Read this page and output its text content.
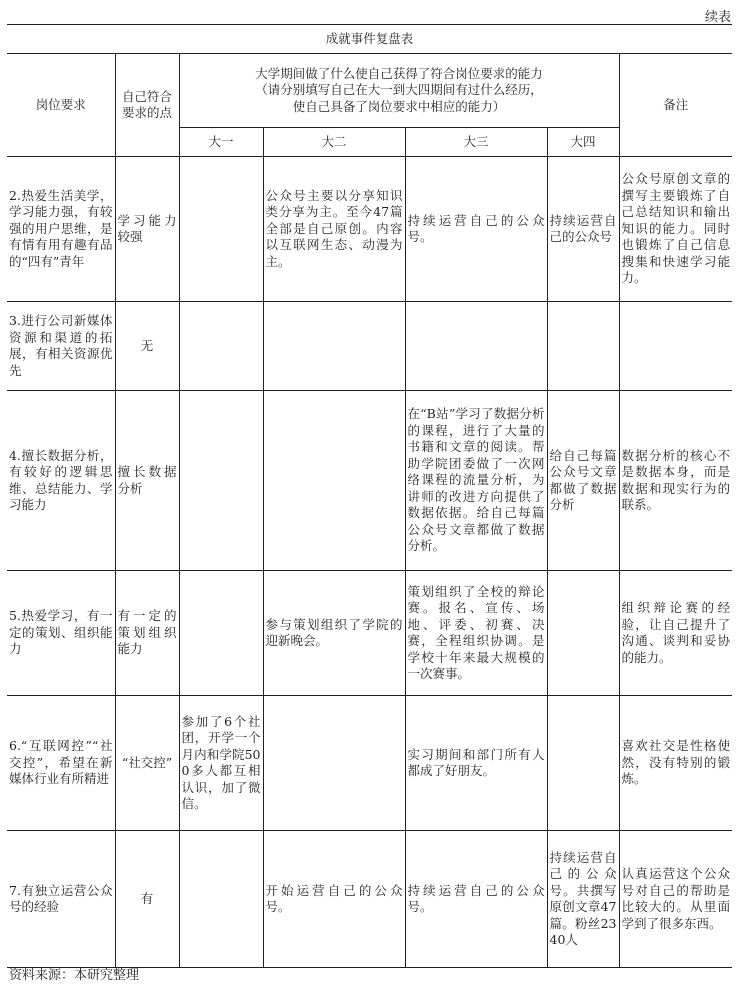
续表
成就事件复盘表						
岗位要求	自己符合要求的点	大学期间做了什么使自己获得了符合岗位要求的能力
（请分别填写自己在大一到大四期间有过什么经历，
使自己具备了岗位要求中相应的能力）				备注
		大一	大二	大三	大四	
2.热爱生活美学，学习能力强，有较强的用户思维，是有情有用有趣有品的“四有”青年	学习能力较强		公众号主要以分享知识类分享为主。至今47篇全部是自己原创。内容以互联网生态、动漫为主。	持续运营自己的公众号。	持续运营自己的公众号	公众号原创文章的撰写主要锻炼了自己总结知识和输出知识的能力。同时也锻炼了自己信息搜集和快速学习能力。
3.进行公司新媒体资源和渠道的拓展，有相关资源优先	无					
4.擅长数据分析，有较好的逻辑思维、总结能力、学习能力	擅长数据分析			在“B站”学习了数据分析的课程，进行了大量的书籍和文章的阅读。帮助学院团委做了一次网络课程的流量分析，为讲师的改进方向提供了数据依据。给自己每篇公众号文章都做了数据分析。	给自己每篇公众号文章都做了数据分析	数据分析的核心不是数据本身，而是数据和现实行为的联系。
5.热爱学习，有一定的策划、组织能力	有一定的策划组织能力		参与策划组织了学院的迎新晚会。	策划组织了全校的辩论赛。报名、宣传、场地、评委、初赛、决赛，全程组织协调。是学校十年来最大规模的一次赛事。		组织辩论赛的经验，让自己提升了沟通、谈判和妥协的能力。
6.“互联网控”“社交控”，希望在新媒体行业有所精进	“社交控”	参加了6个社团，开学一个月内和学院500多人都互相认识，加了微信。		实习期间和部门所有人都成了好朋友。		喜欢社交是性格使然，没有特别的锻炼。
7.有独立运营公众号的经验	有		开始运营自己的公众号。	持续运营自己的公众号。	持续运营自己的公众号。共撰写原创文章47篇。粉丝2340人	认真运营这个公众号对自己的帮助是比较大的。从里面学到了很多东西。
资料来源：本研究整理
